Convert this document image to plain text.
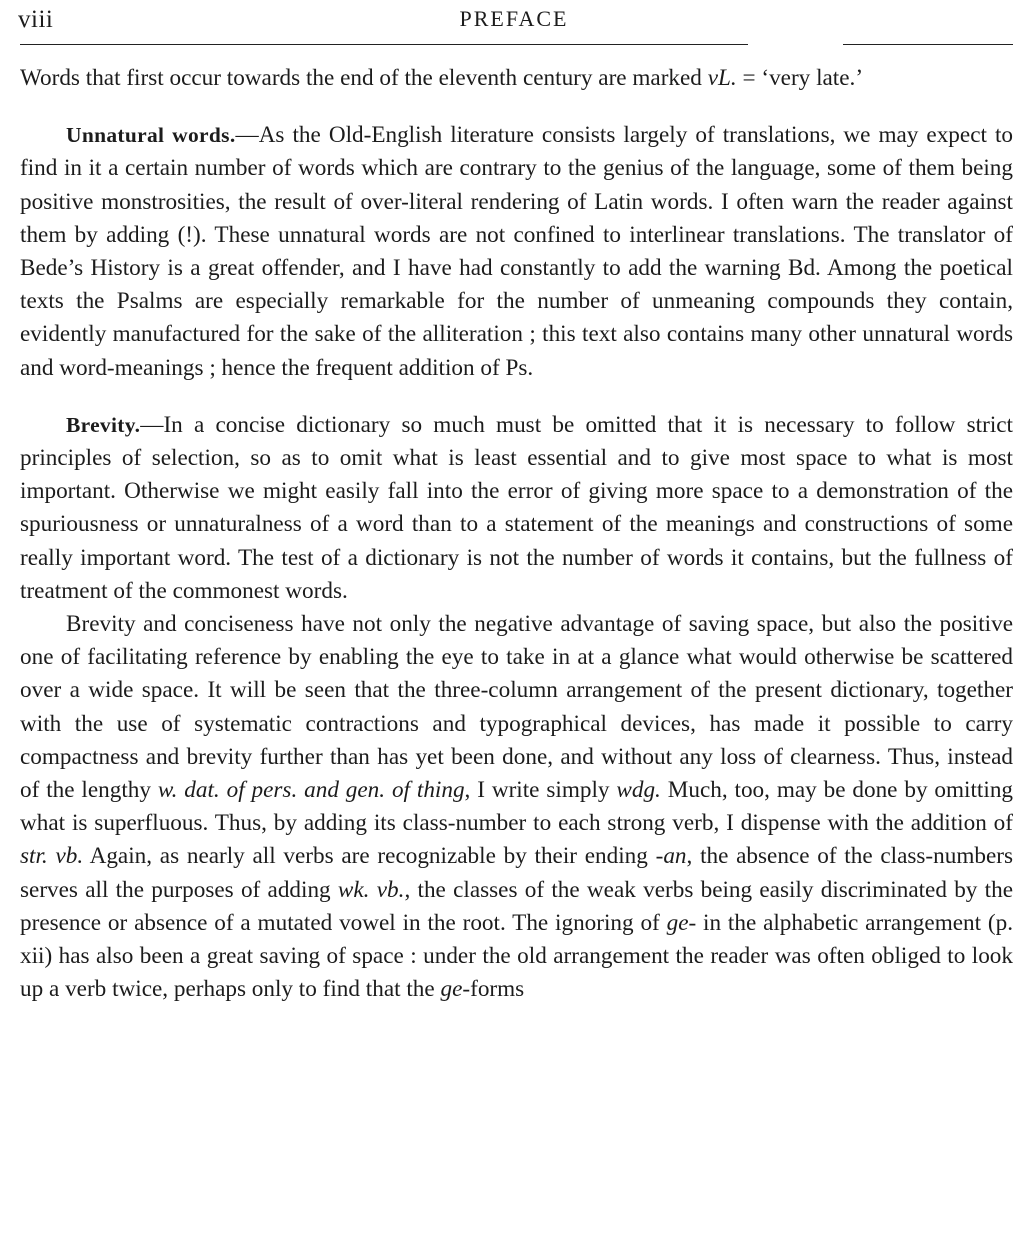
viii	PREFACE

Words that first occur towards the end of the eleventh century are marked vL. = ‘very late.’

Unnatural words.—As the Old-English literature consists largely of translations, we may expect to find in it a certain number of words which are contrary to the genius of the language, some of them being positive monstrosities, the result of over-literal rendering of Latin words. I often warn the reader against them by adding (!). These unnatural words are not confined to interlinear translations. The translator of Bede’s History is a great offender, and I have had constantly to add the warning Bd. Among the poetical texts the Psalms are especially remarkable for the number of unmeaning compounds they contain, evidently manufactured for the sake of the alliteration ; this text also contains many other unnatural words and word-meanings ; hence the frequent addition of Ps.

Brevity.—In a concise dictionary so much must be omitted that it is necessary to follow strict principles of selection, so as to omit what is least essential and to give most space to what is most important. Otherwise we might easily fall into the error of giving more space to a demonstration of the spuriousness or unnaturalness of a word than to a statement of the meanings and constructions of some really important word. The test of a dictionary is not the number of words it contains, but the fullness of treatment of the commonest words.

Brevity and conciseness have not only the negative advantage of saving space, but also the positive one of facilitating reference by enabling the eye to take in at a glance what would otherwise be scattered over a wide space. It will be seen that the three-column arrangement of the present dictionary, together with the use of systematic contractions and typographical devices, has made it possible to carry compactness and brevity further than has yet been done, and without any loss of clearness. Thus, instead of the lengthy w. dat. of pers. and gen. of thing, I write simply wdg. Much, too, may be done by omitting what is superfluous. Thus, by adding its class-number to each strong verb, I dispense with the addition of str. vb. Again, as nearly all verbs are recognizable by their ending -an, the absence of the class-numbers serves all the purposes of adding wk. vb., the classes of the weak verbs being easily discriminated by the presence or absence of a mutated vowel in the root. The ignoring of ge- in the alphabetic arrangement (p. xii) has also been a great saving of space : under the old arrangement the reader was often obliged to look up a verb twice, perhaps only to find that the ge-forms
